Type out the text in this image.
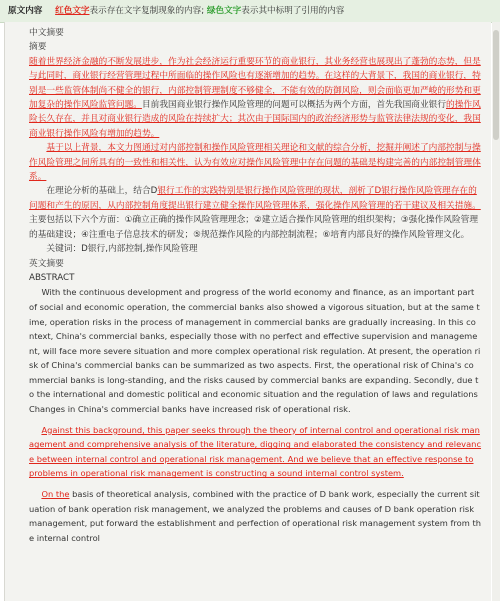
原文内容 红色文字表示存在文字复制现象的内容; 绿色文字表示其中标明了引用的内容

中文摘要

摘要

随着世界经济金融的不断发展进步，作为社会经济运行重要环节的商业银行，其业务经营也展现出了蓬勃的态势，但是与此同时，商业银行经营管理过程中所面临的操作风险也有逐渐增加的趋势。在这样的大背景下，我国的商业银行，特别是一些监管体制尚不健全的银行，内部控制管理制度不够健全，不能有效的防御风险，则会面临更加严峻的形势和更加复杂的操作风险监管问题。目前我国商业银行操作风险管理的问题可以概括为两个方面，首先我国商业银行的操作风险长久存在，并且对商业银行造成的风险在持续扩大；其次由于国际国内的政治经济形势与监管法律法规的变化，我国商业银行操作风险有增加的趋势。

基于以上背景，本文力图通过对内部控制和操作风险管理相关理论和文献的综合分析，挖掘并阐述了内部控制与操作风险管理之间所具有的一致性和相关性，认为有效应对操作风险管理中存在问题的基础是构建完善的内部控制管理体系。

在理论分析的基础上，结合D银行工作的实践特别是银行操作风险管理的现状，剖析了D银行操作风险管理存在的问题和产生的原因，从内部控制角度提出银行建立健全操作风险管理体系，强化操作风险管理的若干建议及相关措施。主要包括以下六个方面：①确立正确的操作风险管理理念；②建立适合操作风险管理的组织架构；③强化操作风险管理的基础建设；④注重电子信息技术的研发；⑤规范操作风险的内部控制流程；⑥培育内部良好的操作风险管理文化。

关键词：D银行,内部控制,操作风险管理

英文摘要

ABSTRACT

With the continuous development and progress of the world economy and finance, as an important part of social and economic operation, the commercial banks also showed a vigorous situation, but at the same time, operation risks in the process of management in commercial banks are gradually increasing. In this context, China's commercial banks, especially those with no perfect and effective supervision and management, will face more severe situation and more complex operational risk regulation. At present, the operation risk of China's commercial banks can be summarized as two aspects. First, the operational risk of China's commercial banks is long-standing, and the risks caused by commercial banks are expanding. Secondly, due to the international and domestic political and economic situation and the regulation of laws and regulations Changes in China's commercial banks have increased risk of operational risk.

Against this background, this paper seeks through the theory of internal control and operational risk management and comprehensive analysis of the literature, digging and elaborated the consistency and relevance between internal control and operational risk management. And we believe that an effective response to problems in operational risk management is constructing a sound internal control system.

On the basis of theoretical analysis, combined with the practice of D bank work, especially the current situation of bank operation risk management, we analyzed the problems and causes of D bank operation risk management, put forward the establishment and perfection of operational risk management system from the internal control
